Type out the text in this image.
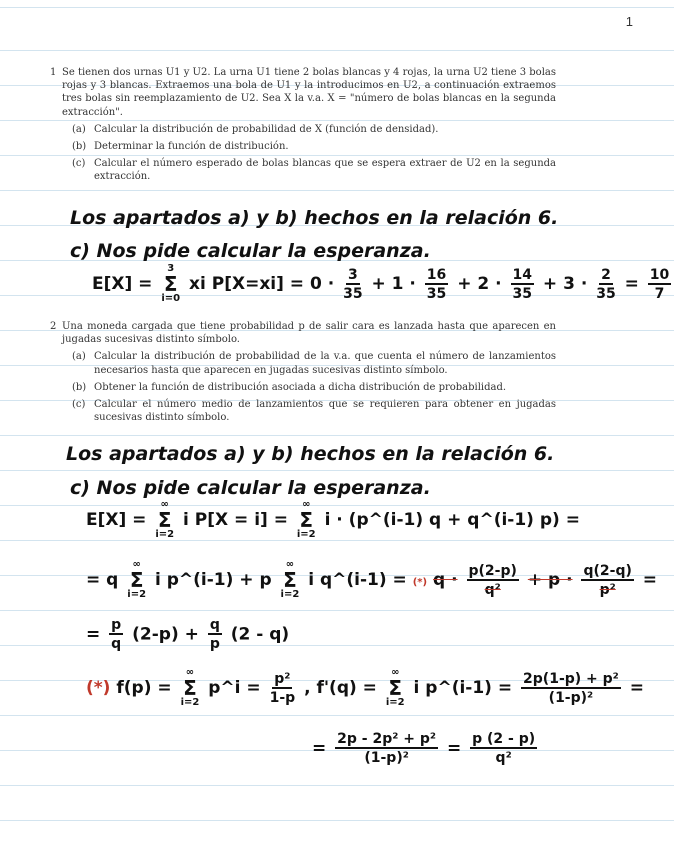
1
1 Se tienen dos urnas U1 y U2. La urna U1 tiene 2 bolas blancas y 4 rojas, la urna U2 tiene 3 bolas rojas y 3 blancas. Extraemos una bola de U1 y la introducimos en U2, a continuación extraemos tres bolas sin reemplazamiento de U2. Sea X la v.a. X = "número de bolas blancas en la segunda extracción".
(a) Calcular la distribución de probabilidad de X (función de densidad).
(b) Determinar la función de distribución.
(c) Calcular el número esperado de bolas blancas que se espera extraer de U2 en la segunda extracción.
Los apartados a) y b) hechos en la relación 6.
c) Nos pide calcular la esperanza.
E[X] =
3
Σ
i=0
xi $P[X=xi] = 0 \cdot \frac{3}{35} + 1 \cdot \frac{16}{35} + 2 \cdot \frac{14}{35} + 3 \cdot \frac{2}{35} = \frac{10}{7}$
2 Una moneda cargada que tiene probabilidad p de salir cara es lanzada hasta que aparecen en jugadas sucesivas distinto símbolo.
(a) Calcular la distribución de probabilidad de la v.a. que cuenta el número de lanzamientos necesarios hasta que aparecen en jugadas sucesivas distinto símbolo.
(b) Obtener la función de distribución asociada a dicha distribución de probabilidad.
(c) Calcular el número medio de lanzamientos que se requieren para obtener en jugadas sucesivas distinto símbolo.
Los apartados a) y b) hechos en la relación 6.
c) Nos pide calcular la esperanza.
E[X] =
∞
Σ
i=2
i P[X = i] =
∞
Σ
i=2
i · (p^(i-1) q + q^(i-1) p) =
= q
∞
Σ
i=2
i p^(i-1) + p
∞
Σ
i=2
i q^(i-1) = (*) $q \cdot \frac{p(2-p)}{\text{q²}} + p \cdot \frac{q(2-q)}{\text{p²}}$ =
= $\frac{p}{q} (2-p) + \frac{q}{p} (2 - q)$
(*) f(p) =
∞
Σ
i=2
p^i = $\frac{\text{p²}}{1-p}$ , f'(q) =
∞
Σ
i=2
i p^(i-1) = $\frac{\text{2p(1-p) + p²}}{\text{(1-p)²}}$ =
= $\frac{\text{2p - 2p² + p²}}{\text{(1-p)²}} = \frac{p (2 - p)}{\text{q²}}$
